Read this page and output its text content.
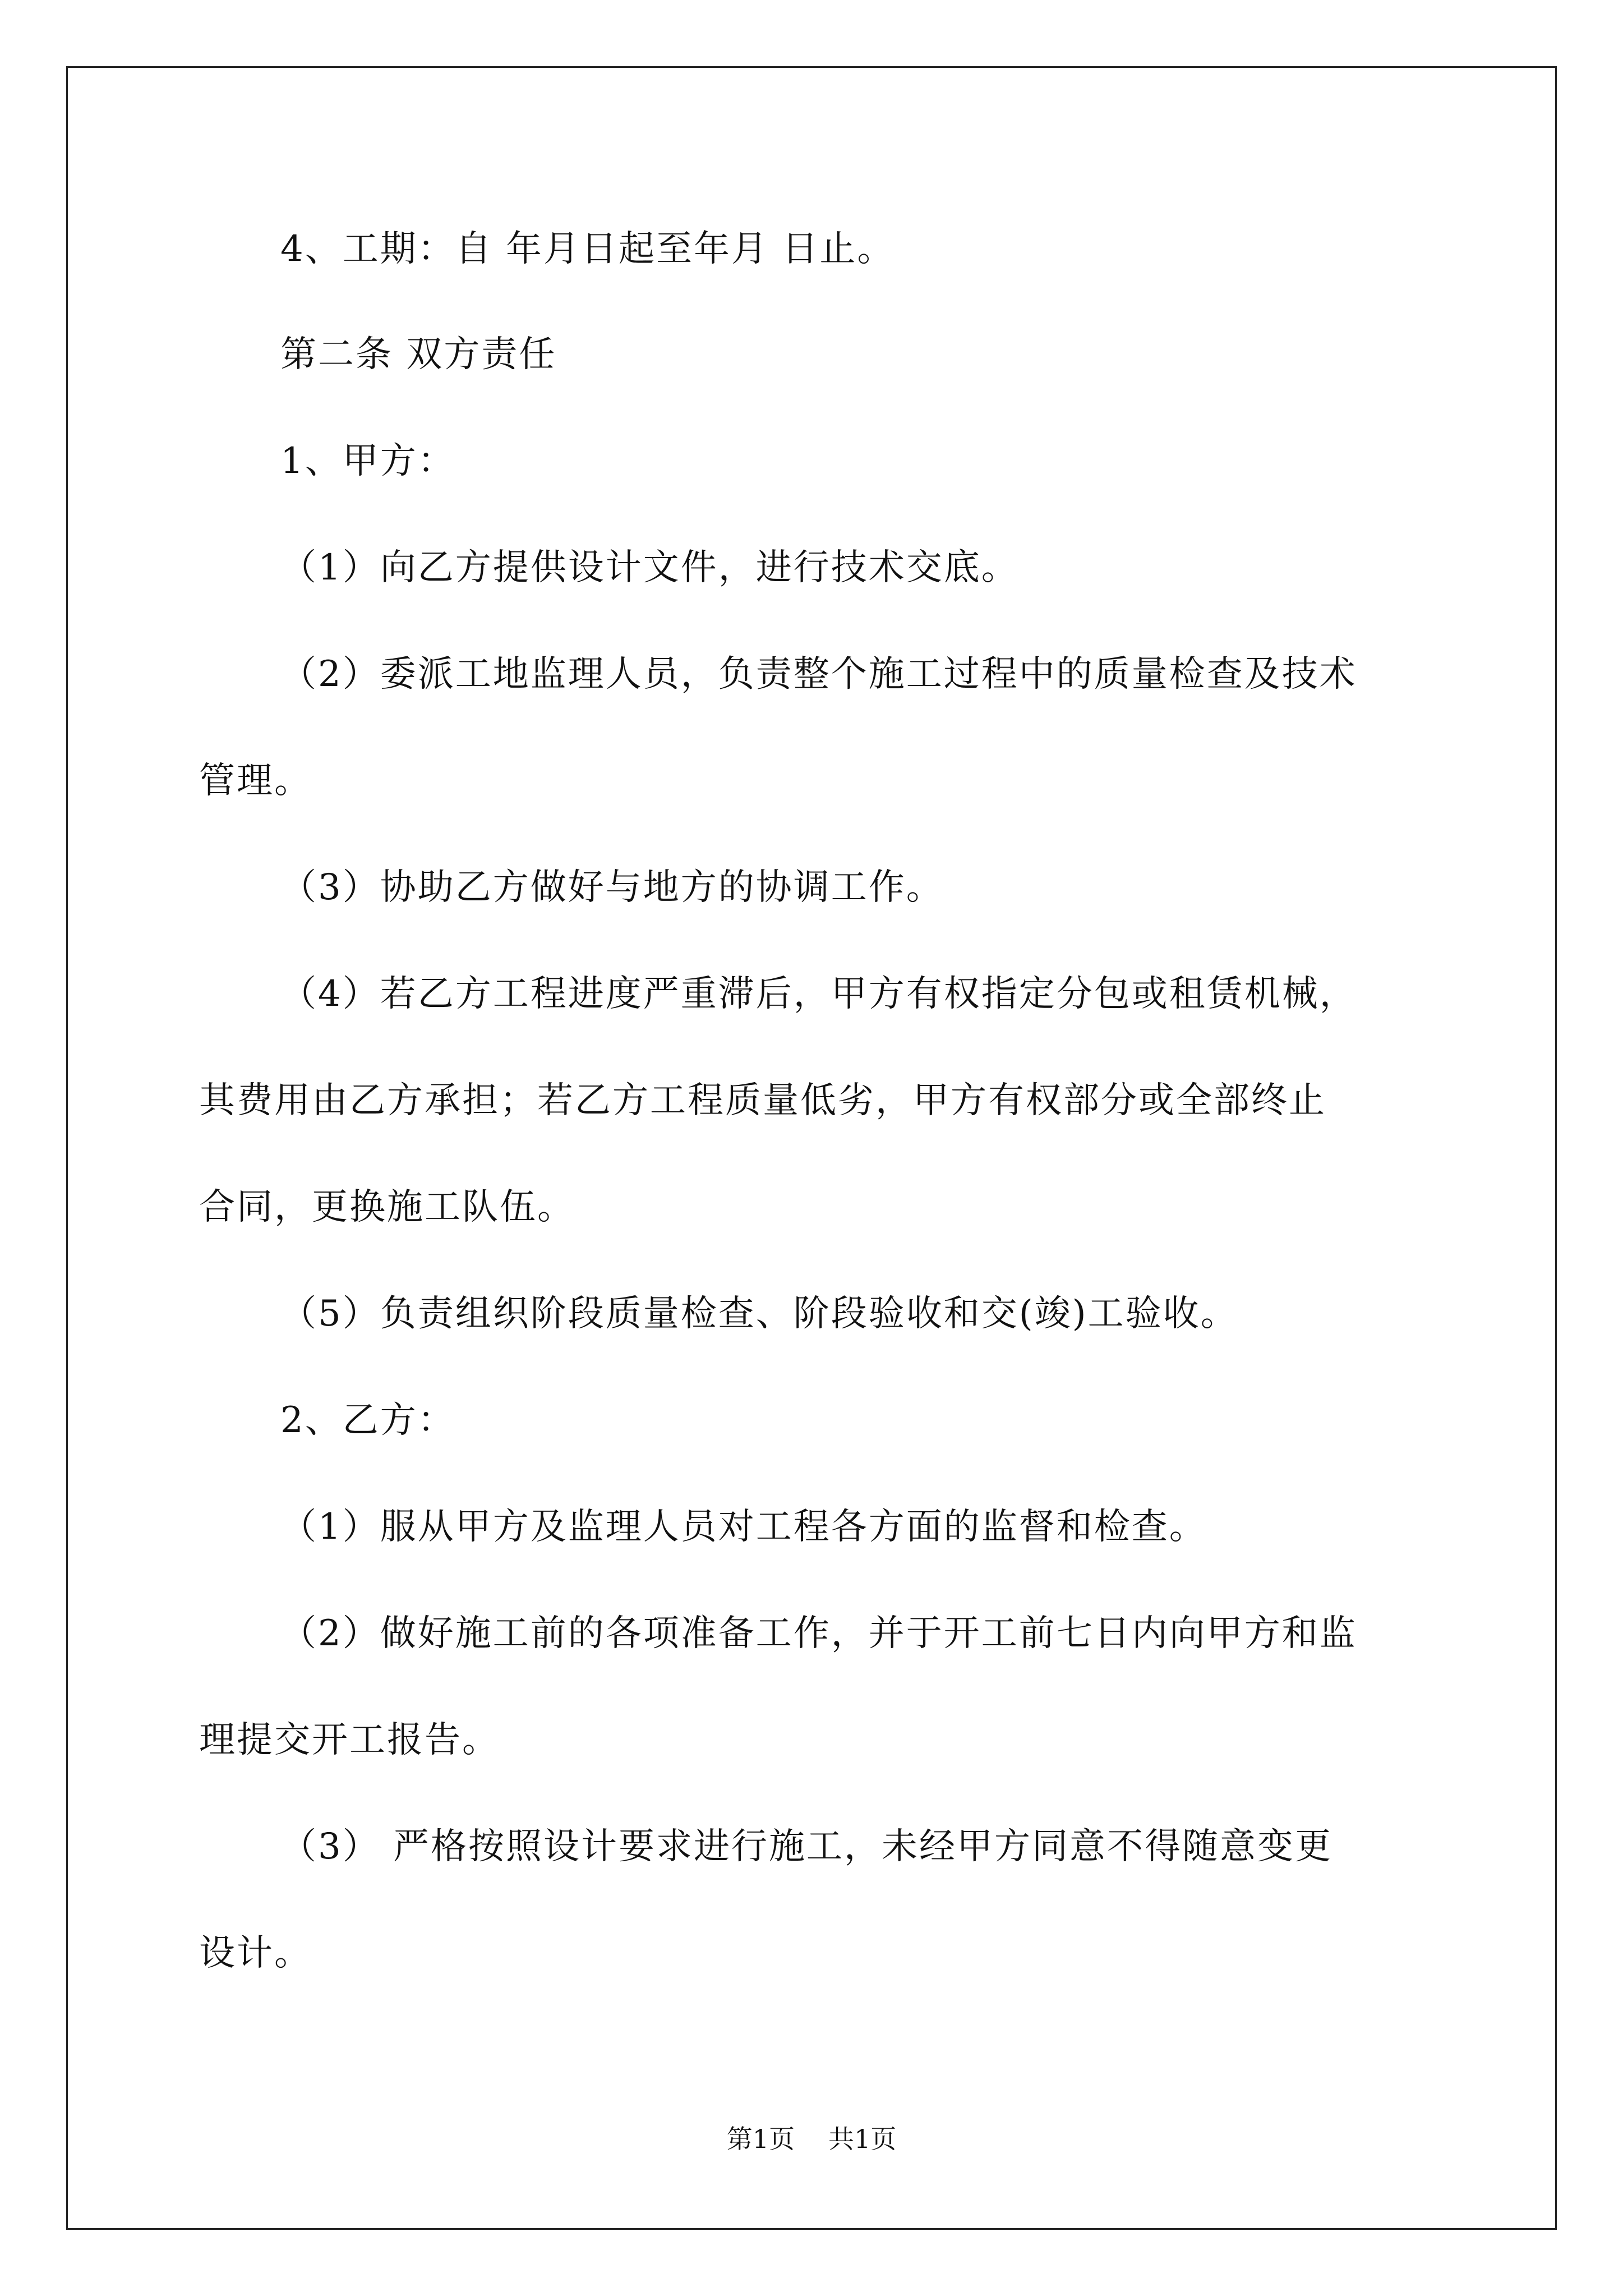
4、工期：自 年月日起至年月 日止。

第二条 双方责任

1、甲方：

（1）向乙方提供设计文件，进行技术交底。

（2）委派工地监理人员，负责整个施工过程中的质量检查及技术

管理。

（3）协助乙方做好与地方的协调工作。

（4）若乙方工程进度严重滞后，甲方有权指定分包或租赁机械，

其费用由乙方承担；若乙方工程质量低劣，甲方有权部分或全部终止

合同，更换施工队伍。

（5）负责组织阶段质量检查、阶段验收和交(竣)工验收。

2、乙方：

（1）服从甲方及监理人员对工程各方面的监督和检查。

（2）做好施工前的各项准备工作，并于开工前七日内向甲方和监

理提交开工报告。

（3） 严格按照设计要求进行施工，未经甲方同意不得随意变更

设计。

第1页 共1页
